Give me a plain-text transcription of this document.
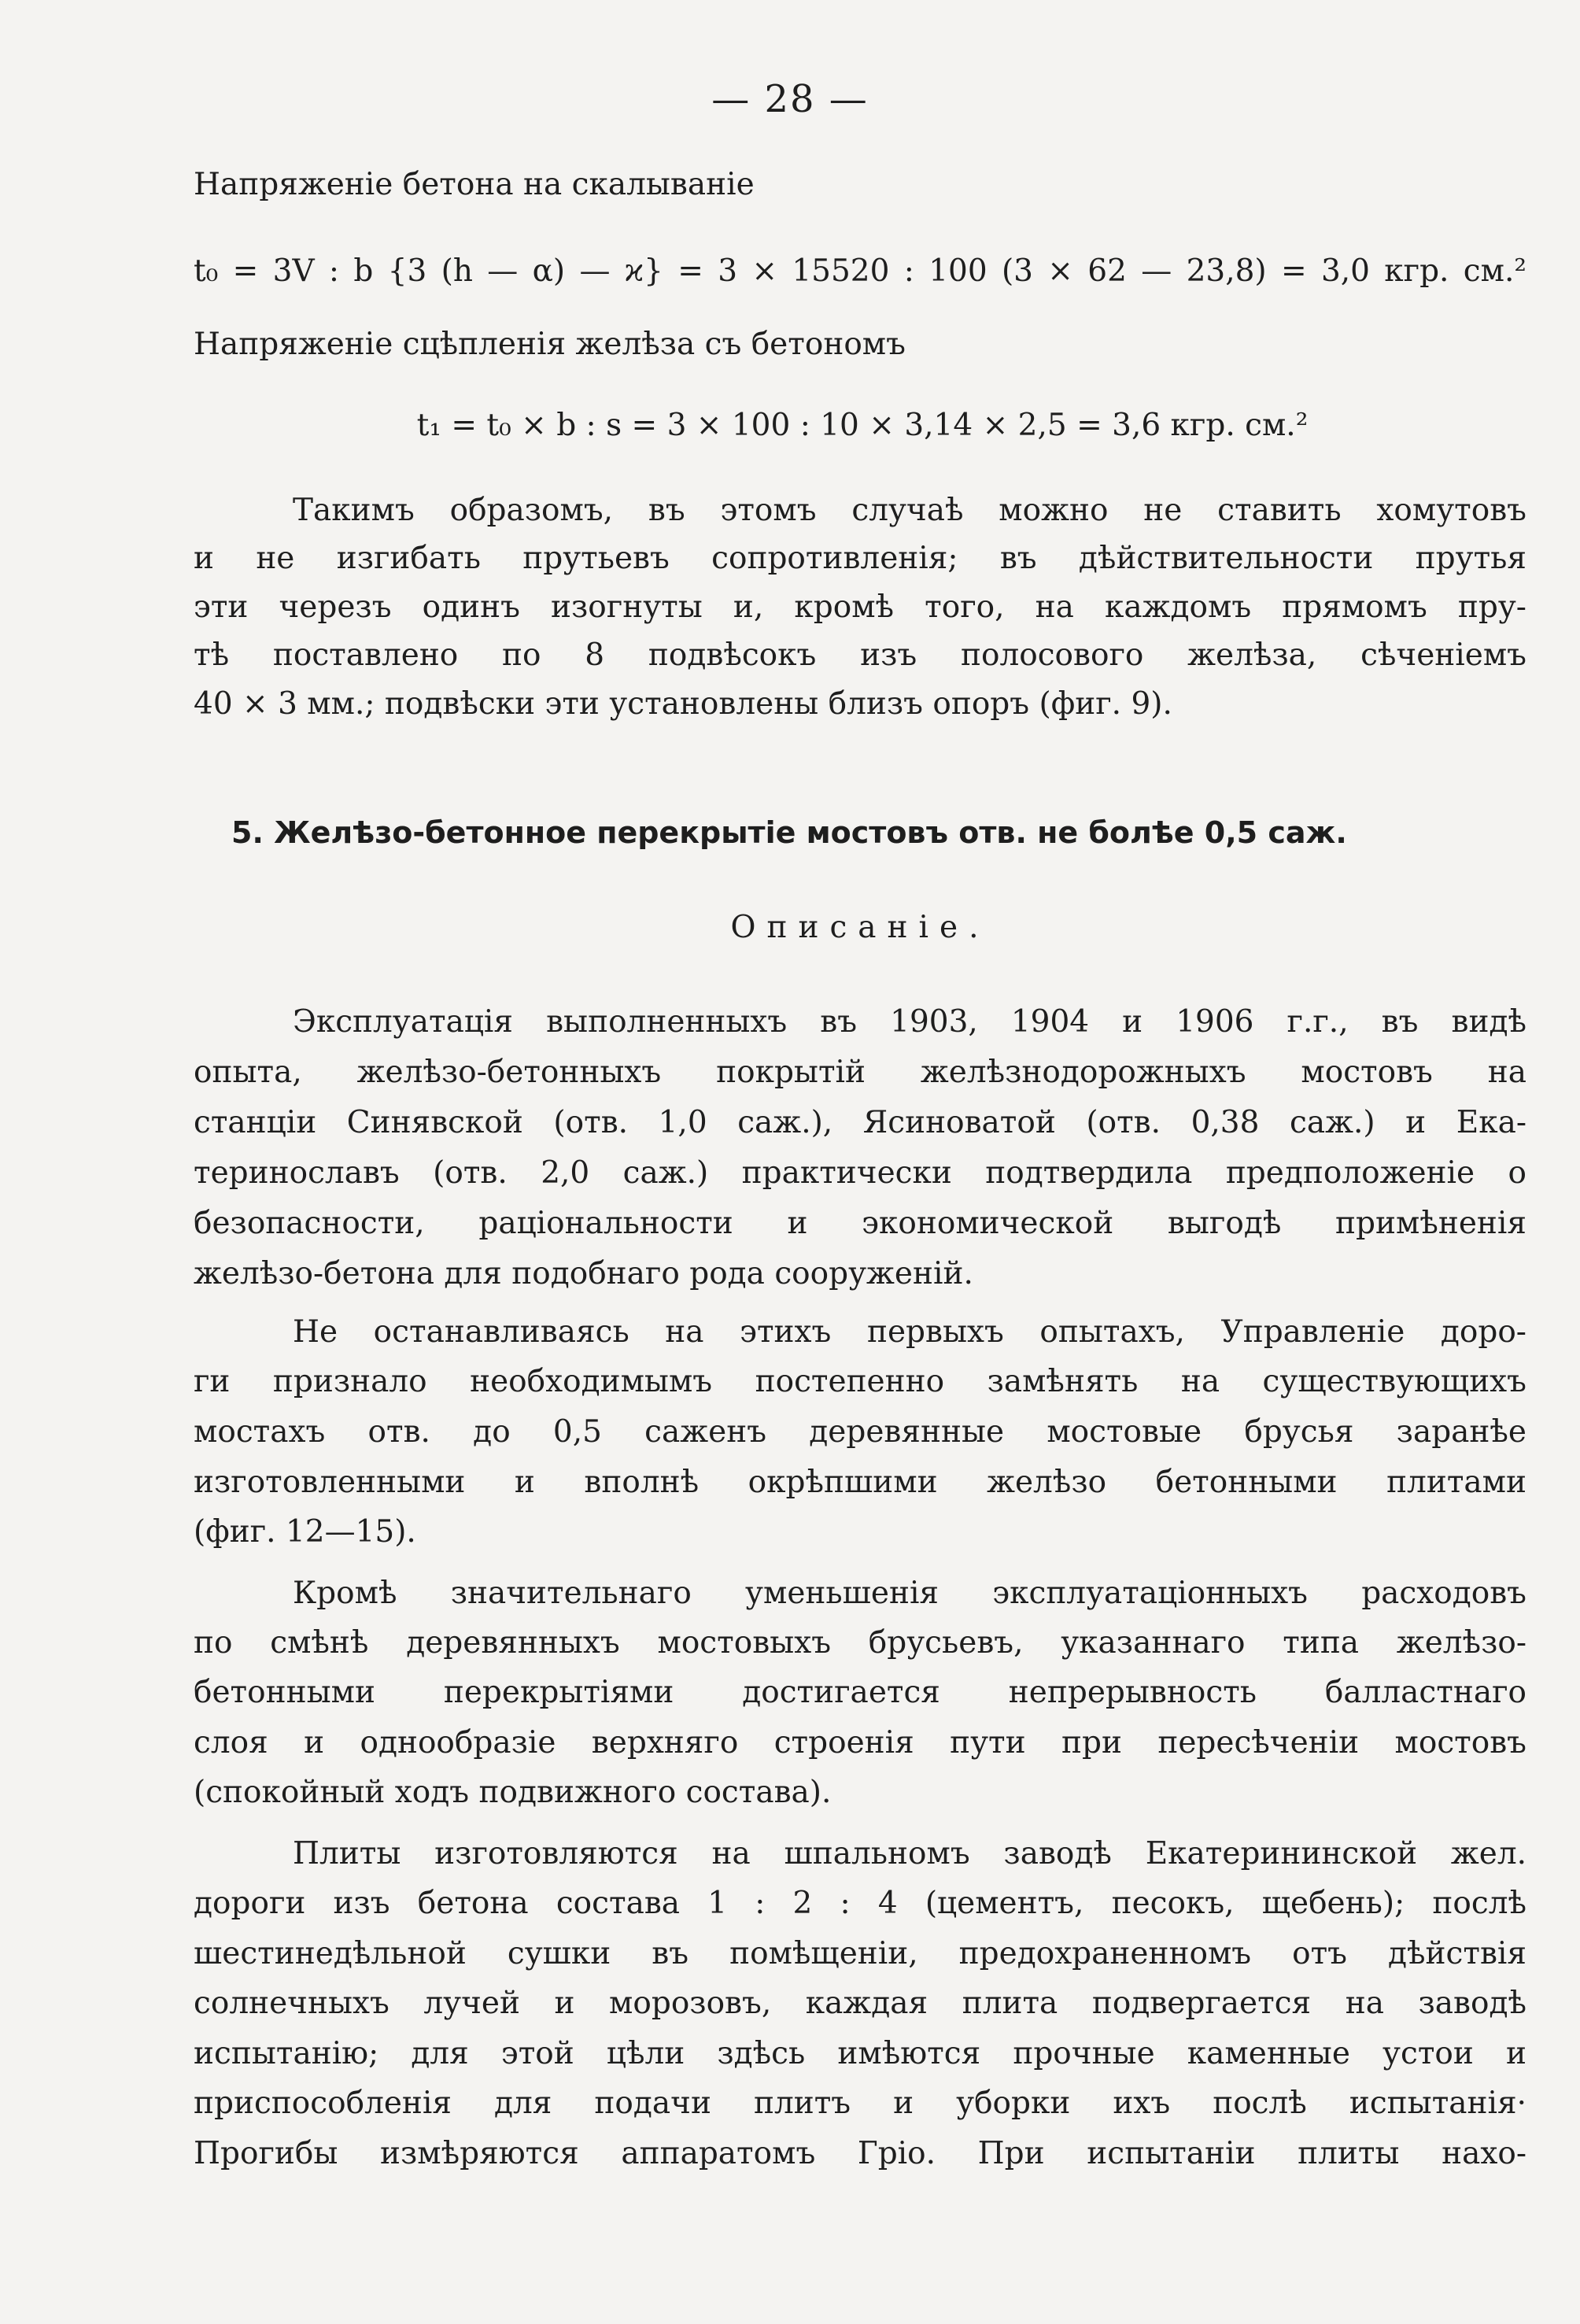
— 28 —
Напряженіе бетона на скалываніе
t₀ = 3V : b {3 (h — α) — ϰ} = 3 × 15520 : 100 (3 × 62 — 23,8) = 3,0 кгр. см.²
Напряженіе сцѣпленія желѣза съ бетономъ
t₁ = t₀ × b : s = 3 × 100 : 10 × 3,14 × 2,5 = 3,6 кгр. см.²
Такимъ образомъ, въ этомъ случаѣ можно не ставить хомутовъ
и не изгибать прутьевъ сопротивленія; въ дѣйствительности прутья
эти черезъ одинъ изогнуты и, кромѣ того, на каждомъ прямомъ пру-
тѣ поставлено по 8 подвѣсокъ изъ полосового желѣза, сѣченіемъ
40 × 3 мм.; подвѣски эти установлены близъ опоръ (фиг. 9).
5. Желѣзо-бетонное перекрытіе мостовъ отв. не болѣе 0,5 саж.
Описаніе.
Эксплуатація выполненныхъ въ 1903, 1904 и 1906 г.г., въ видѣ
опыта, желѣзо-бетонныхъ покрытій желѣзнодорожныхъ мостовъ на
станціи Синявской (отв. 1,0 саж.), Ясиноватой (отв. 0,38 саж.) и Ека-
теринославъ (отв. 2,0 саж.) практически подтвердила предположеніе о
безопасности, раціональности и экономической выгодѣ примѣненія
желѣзо-бетона для подобнаго рода сооруженій.
Не останавливаясь на этихъ первыхъ опытахъ, Управленіе доро-
ги признало необходимымъ постепенно замѣнять на существующихъ
мостахъ отв. до 0,5 саженъ деревянные мостовые брусья заранѣе
изготовленными и вполнѣ окрѣпшими желѣзо бетонными плитами
(фиг. 12—15).
Кромѣ значительнаго уменьшенія эксплуатаціонныхъ расходовъ
по смѣнѣ деревянныхъ мостовыхъ брусьевъ, указаннаго типа желѣзо-
бетонными перекрытіями достигается непрерывность балластнаго
слоя и однообразіе верхняго строенія пути при пересѣченіи мостовъ
(спокойный ходъ подвижного состава).
Плиты изготовляются на шпальномъ заводѣ Екатерининской жел.
дороги изъ бетона состава 1 : 2 : 4 (цементъ, песокъ, щебень); послѣ
шестинедѣльной сушки въ помѣщеніи, предохраненномъ отъ дѣйствія
солнечныхъ лучей и морозовъ, каждая плита подвергается на заводѣ
испытанію; для этой цѣли здѣсь имѣются прочные каменные устои и
приспособленія для подачи плитъ и уборки ихъ послѣ испытанія·
Прогибы измѣряются аппаратомъ Гріо. При испытаніи плиты нахо-
